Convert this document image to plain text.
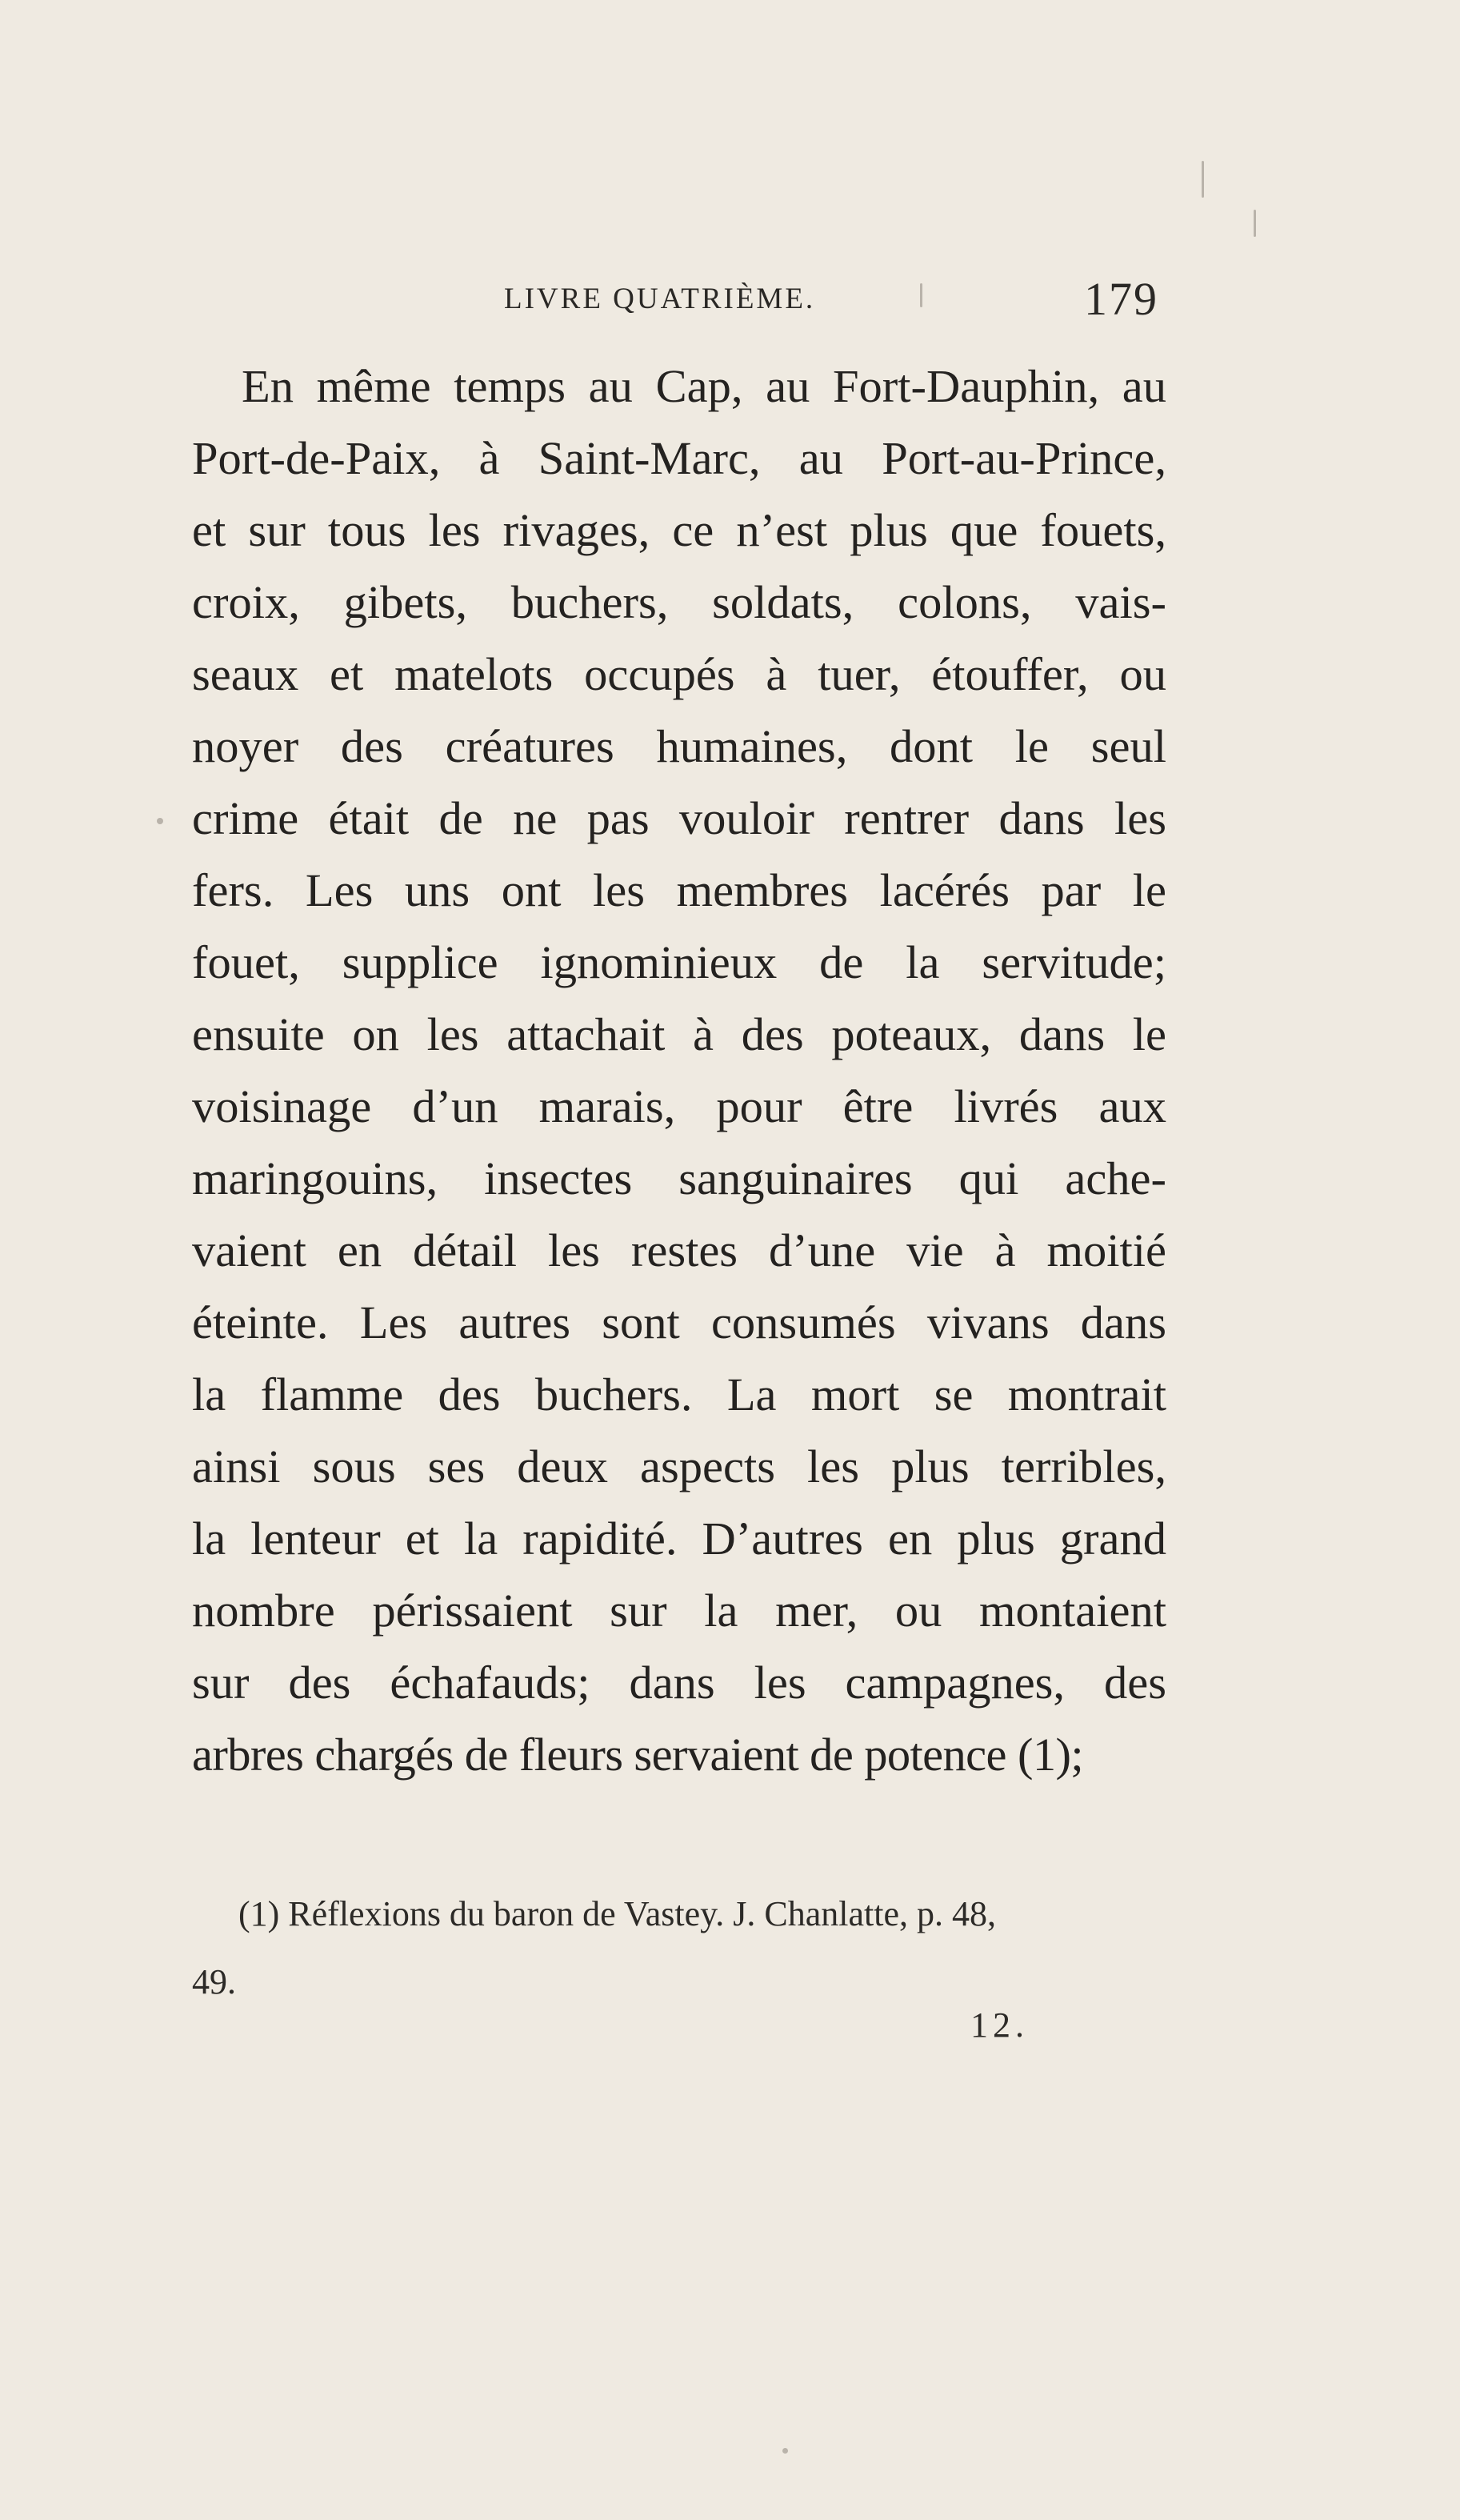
LIVRE QUATRIÈME.	179
En même temps au Cap, au Fort-Dauphin, au
Port-de-Paix, à Saint-Marc, au Port-au-Prince,
et sur tous les rivages, ce n’est plus que fouets,
croix, gibets, buchers, soldats, colons, vais-
seaux et matelots occupés à tuer, étouffer, ou
noyer des créatures humaines, dont le seul
crime était de ne pas vouloir rentrer dans les
fers. Les uns ont les membres lacérés par le
fouet, supplice ignominieux de la servitude;
ensuite on les attachait à des poteaux, dans le
voisinage d’un marais, pour être livrés aux
maringouins, insectes sanguinaires qui ache-
vaient en détail les restes d’une vie à moitié
éteinte. Les autres sont consumés vivans dans
la flamme des buchers. La mort se montrait
ainsi sous ses deux aspects les plus terribles,
la lenteur et la rapidité. D’autres en plus grand
nombre périssaient sur la mer, ou montaient
sur des échafauds; dans les campagnes, des
arbres chargés de fleurs servaient de potence (1);
(1) Réflexions du baron de Vastey. J. Chanlatte, p. 48,
49.
12.
